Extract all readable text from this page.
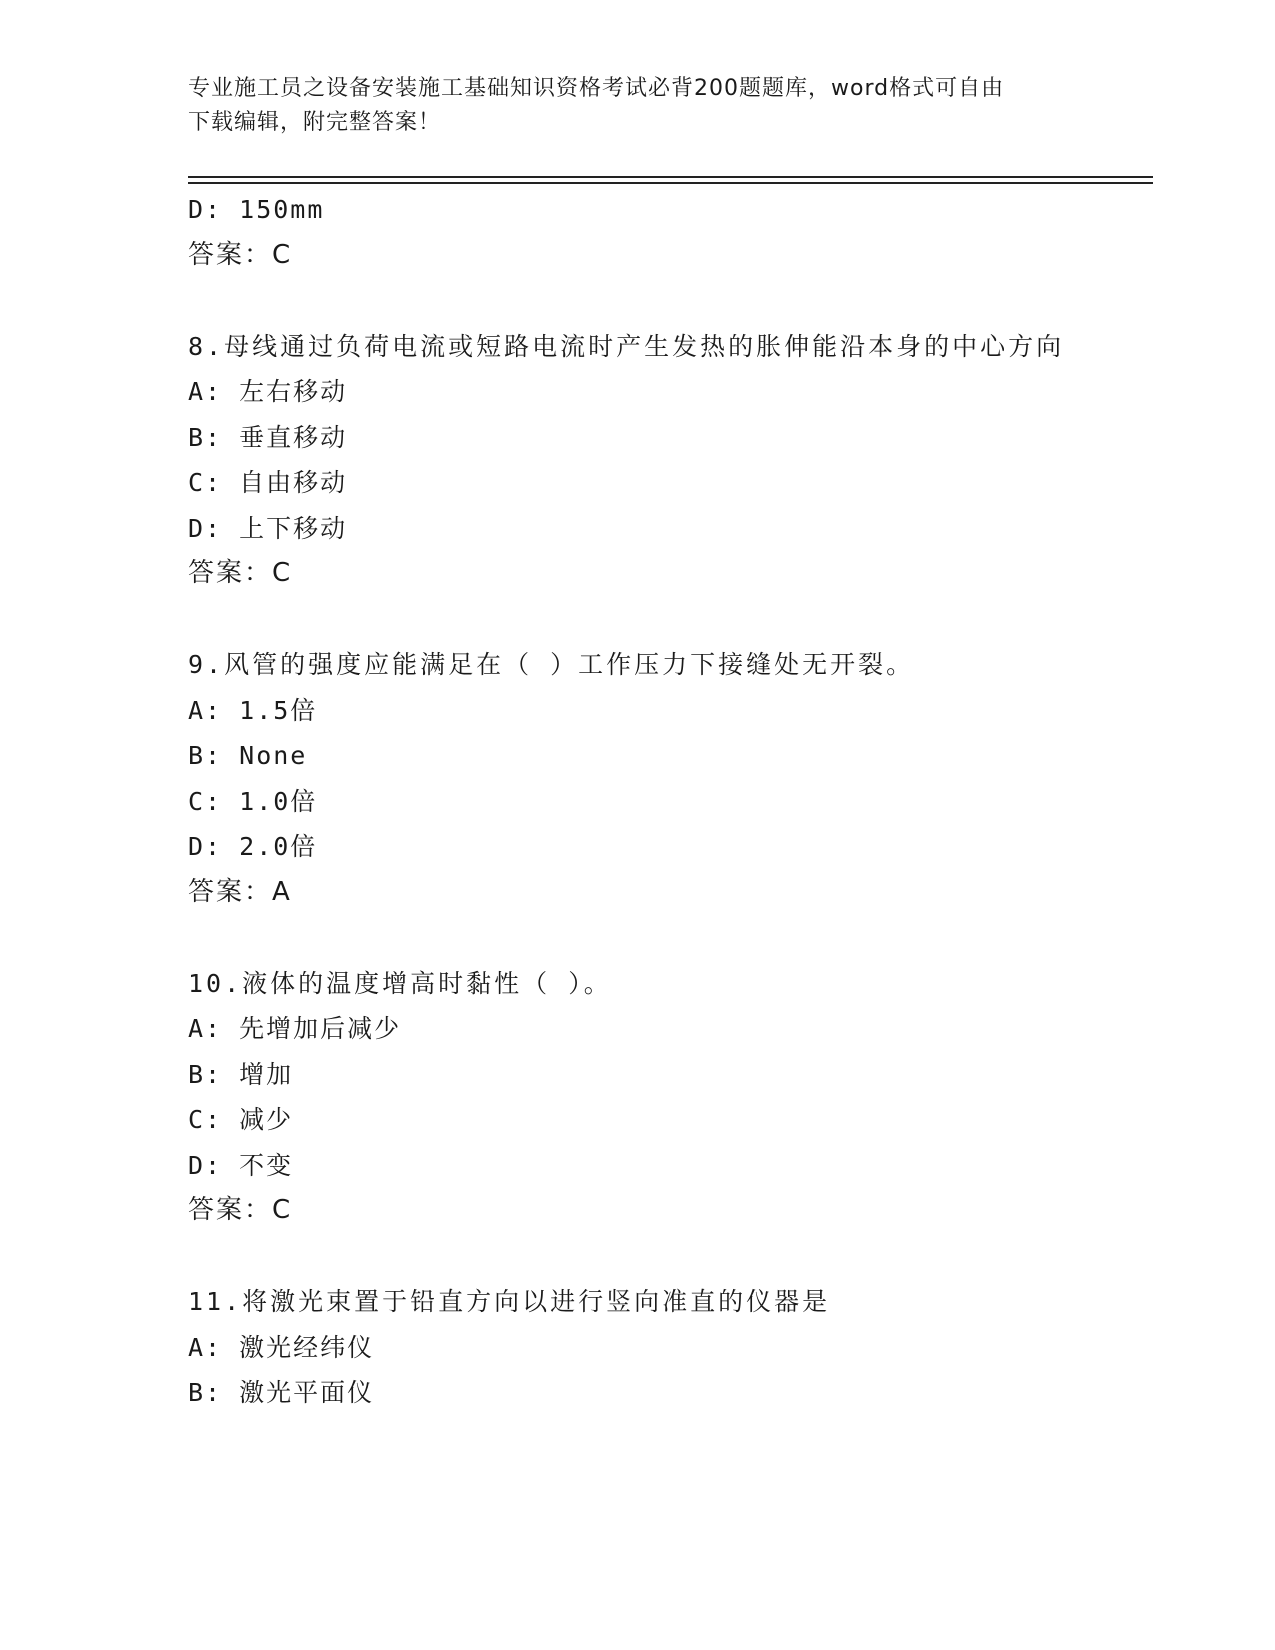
专业施工员之设备安装施工基础知识资格考试必背200题题库，word格式可自由
下载编辑，附完整答案！
D: 150mm
答案：C
8.母线通过负荷电流或短路电流时产生发热的胀伸能沿本身的中心方向
A: 左右移动
B: 垂直移动
C: 自由移动
D: 上下移动
答案：C
9.风管的强度应能满足在（ ）工作压力下接缝处无开裂。
A: 1.5倍
B: None
C: 1.0倍
D: 2.0倍
答案：A
10.液体的温度增高时黏性（ ）。
A: 先增加后减少
B: 增加
C: 减少
D: 不变
答案：C
11.将激光束置于铅直方向以进行竖向准直的仪器是
A: 激光经纬仪
B: 激光平面仪
